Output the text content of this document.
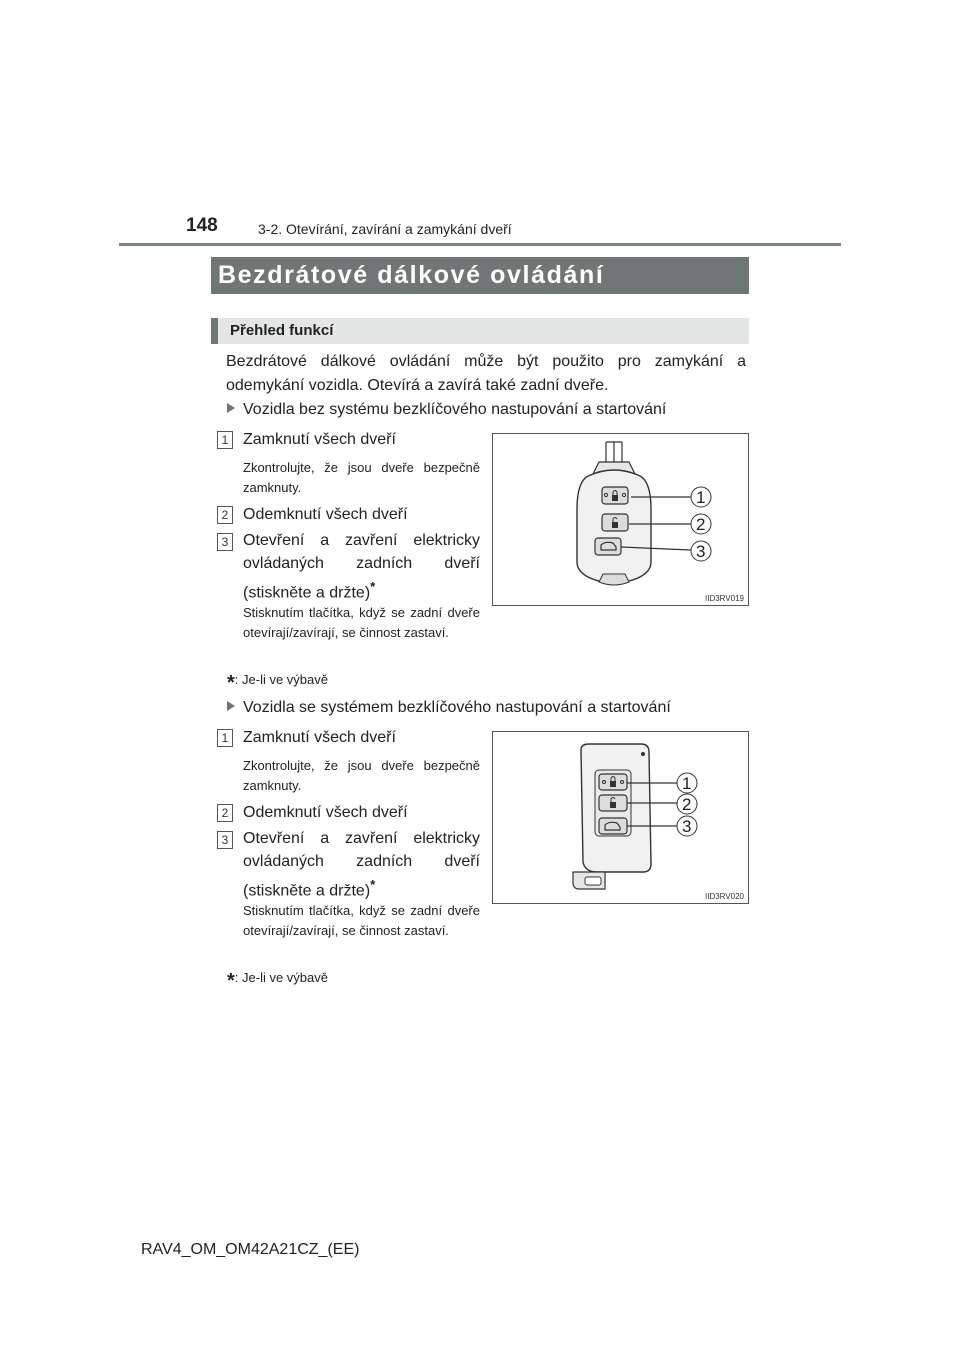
148	3-2. Otevírání, zavírání a zamykání dveří
Bezdrátové dálkové ovládání
Přehled funkcí
Bezdrátové dálkové ovládání může být použito pro zamykání a odemykání vozidla. Otevírá a zavírá také zadní dveře.
Vozidla bez systému bezklíčového nastupování a startování
1 Zamknutí všech dveří
Zkontrolujte, že jsou dveře bezpečně zamknuty.
2 Odemknutí všech dveří
3 Otevření a zavření elektricky ovládaných zadních dveří (stiskněte a držte)*
Stisknutím tlačítka, když se zadní dveře otevírají/zavírají, se činnost zastaví.
*: Je-li ve výbavě
1
2
3
IID3RV019
Vozidla se systémem bezklíčového nastupování a startování
1 Zamknutí všech dveří
Zkontrolujte, že jsou dveře bezpečně zamknuty.
2 Odemknutí všech dveří
3 Otevření a zavření elektricky ovládaných zadních dveří (stiskněte a držte)*
Stisknutím tlačítka, když se zadní dveře otevírají/zavírají, se činnost zastaví.
*: Je-li ve výbavě
1
2
3
IID3RV020
RAV4_OM_OM42A21CZ_(EE)
